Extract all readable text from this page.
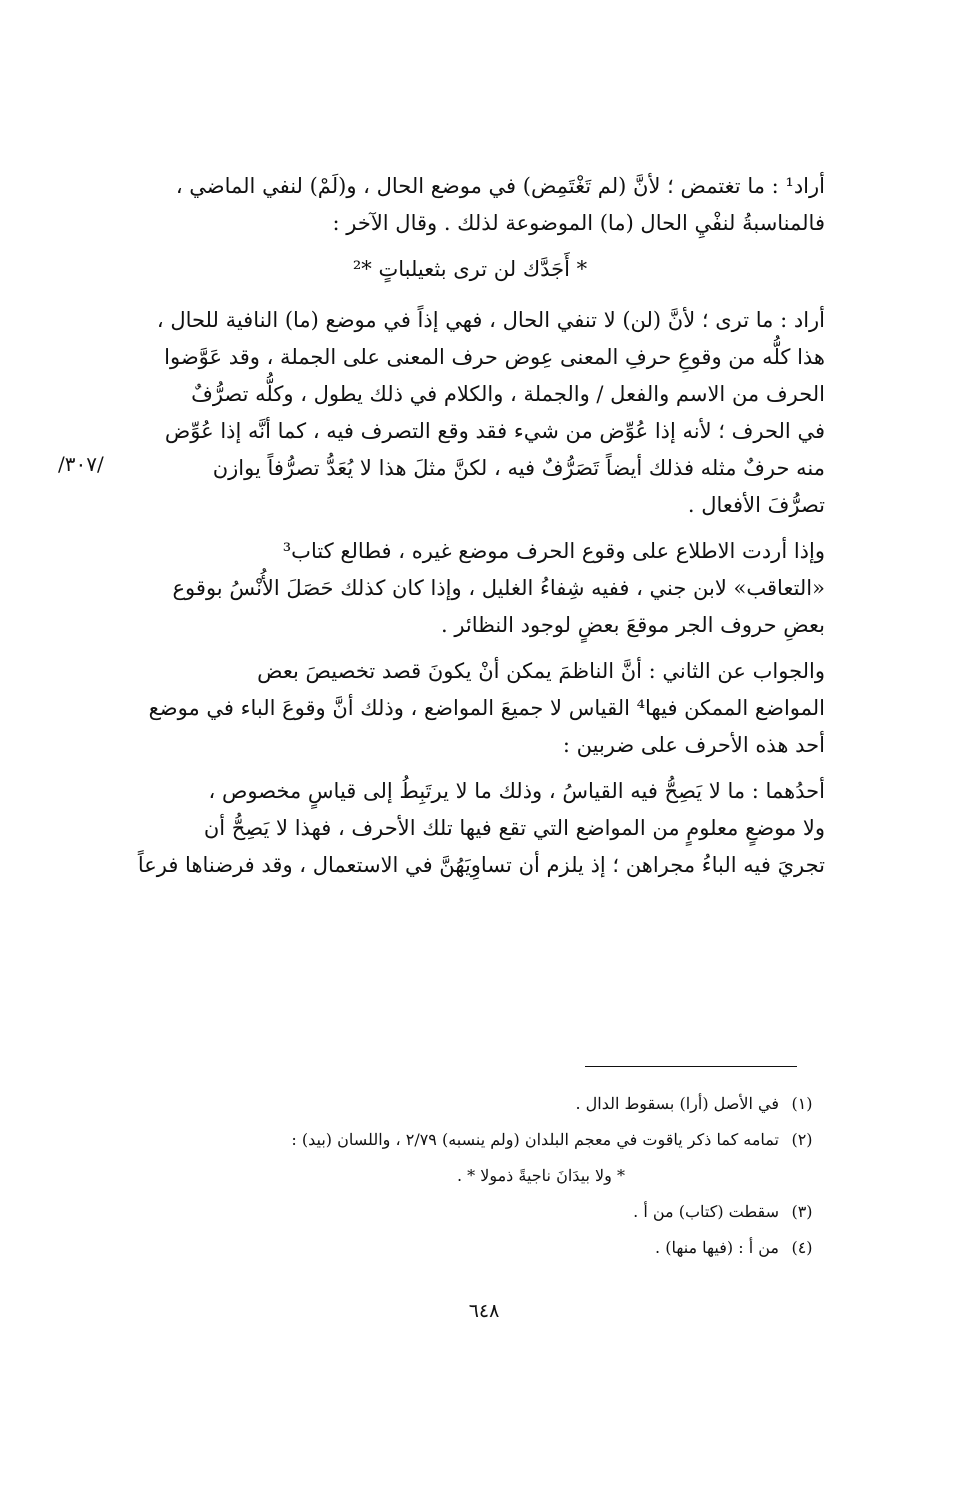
أراد¹ : ما تغتمض ؛ لأنَّ (لم تَغْتَمِض) في موضع الحال ، و(لَمْ) لنفي الماضي ،

فالمناسبةُ لنفْيِ الحال (ما) الموضوعة لذلك . وقال الآخر :

* أَجَدَّك لن ترى بثعيلباتٍ *²

أراد : ما ترى ؛ لأنَّ (لن) لا تنفي الحال ، فهي إذاً في موضع (ما) النافية للحال ،

هذا كلُّه من وقوعِ حرفِ المعنى عِوض حرف المعنى على الجملة ، وقد عَوَّضوا

الحرف من الاسم والفعل / والجملة ، والكلام في ذلك يطول ، وكلُّه تصرُّفٌ

في الحرف ؛ لأنه إذا عُوِّض من شيء فقد وقع التصرف فيه ، كما أنَّه إذا عُوِّض

منه حرفٌ مثله فذلك أيضاً تَصَرُّفٌ فيه ، لكنَّ مثلَ هذا لا يُعَدُّ تصرُّفاً يوازن

تصرُّفَ الأفعال .

وإذا أردت الاطلاع على وقوع الحرف موضع غيره ، فطالع كتاب³

«التعاقب» لابن جني ، ففيه شِفاءُ الغليل ، وإذا كان كذلك حَصَلَ الأُنْسُ بوقوع

بعضِ حروف الجر موقعَ بعضٍ لوجود النظائر .

والجواب عن الثاني : أنَّ الناظمَ يمكن أنْ يكونَ قصد تخصيصَ بعض

المواضع الممكن فيها⁴ القياس لا جميعَ المواضع ، وذلك أنَّ وقوعَ الباء في موضع

أحد هذه الأحرف على ضربين :

أحدُهما : ما لا يَصِحُّ فيه القياسُ ، وذلك ما لا يرتَبِطُ إلى قياسٍ مخصوص ،

ولا موضعٍ معلومٍ من المواضع التي تقع فيها تلك الأحرف ، فهذا لا يَصِحُّ أن

تجريَ فيه الباءُ مجراهن ؛ إذ يلزم أن تساوِيَهُنَّ في الاستعمال ، وقد فرضناها فرعاً

/٣٠٧/
(١)
في الأصل (أرا) بسقوط الدال .
(٢)
تمامه كما ذكر ياقوت في معجم البلدان (ولم ينسبه) ٢/٧٩ ، واللسان (بيد) :
* ولا بيدَانَ ناجيةً ذمولا * .
(٣)
سقطت (كتاب) من أ .
(٤)
من أ : (فيها منها) .
٦٤٨
